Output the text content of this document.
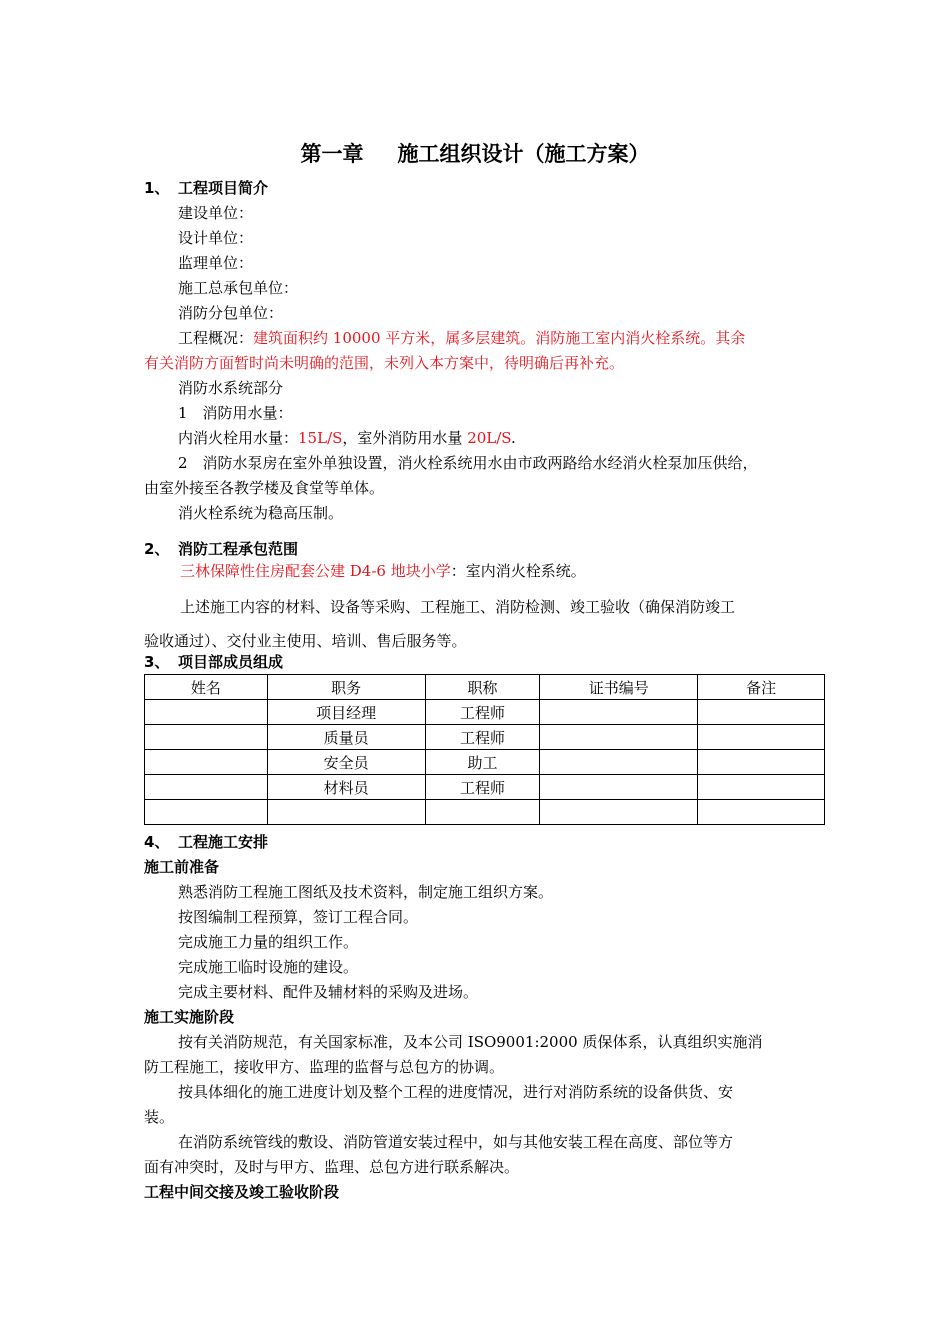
第一章 施工组织设计（施工方案）
1、 工程项目简介
建设单位：
设计单位：
监理单位：
施工总承包单位：
消防分包单位：
工程概况：建筑面积约 10000 平方米，属多层建筑。消防施工室内消火栓系统。其余
有关消防方面暂时尚未明确的范围，未列入本方案中，待明确后再补充。
消防水系统部分
1　消防用水量：
内消火栓用水量：15L/S，室外消防用水量 20L/S.
2　消防水泵房在室外单独设置，消火栓系统用水由市政两路给水经消火栓泵加压供给，
由室外接至各教学楼及食堂等单体。
消火栓系统为稳高压制。
2、 消防工程承包范围
三林保障性住房配套公建 D4-6 地块小学：室内消火栓系统。
上述施工内容的材料、设备等采购、工程施工、消防检测、竣工验收（确保消防竣工
验收通过）、交付业主使用、培训、售后服务等。
3、 项目部成员组成
姓名	职务	职称	证书编号	备注
	项目经理	工程师		
	质量员	工程师		
	安全员	助工		
	材料员	工程师		

4、 工程施工安排
施工前准备
熟悉消防工程施工图纸及技术资料，制定施工组织方案。
按图编制工程预算，签订工程合同。
完成施工力量的组织工作。
完成施工临时设施的建设。
完成主要材料、配件及辅材料的采购及进场。
施工实施阶段
按有关消防规范，有关国家标准，及本公司 ISO9001:2000 质保体系，认真组织实施消
防工程施工，接收甲方、监理的监督与总包方的协调。
按具体细化的施工进度计划及整个工程的进度情况，进行对消防系统的设备供货、安
装。
在消防系统管线的敷设、消防管道安装过程中，如与其他安装工程在高度、部位等方
面有冲突时，及时与甲方、监理、总包方进行联系解决。
工程中间交接及竣工验收阶段
